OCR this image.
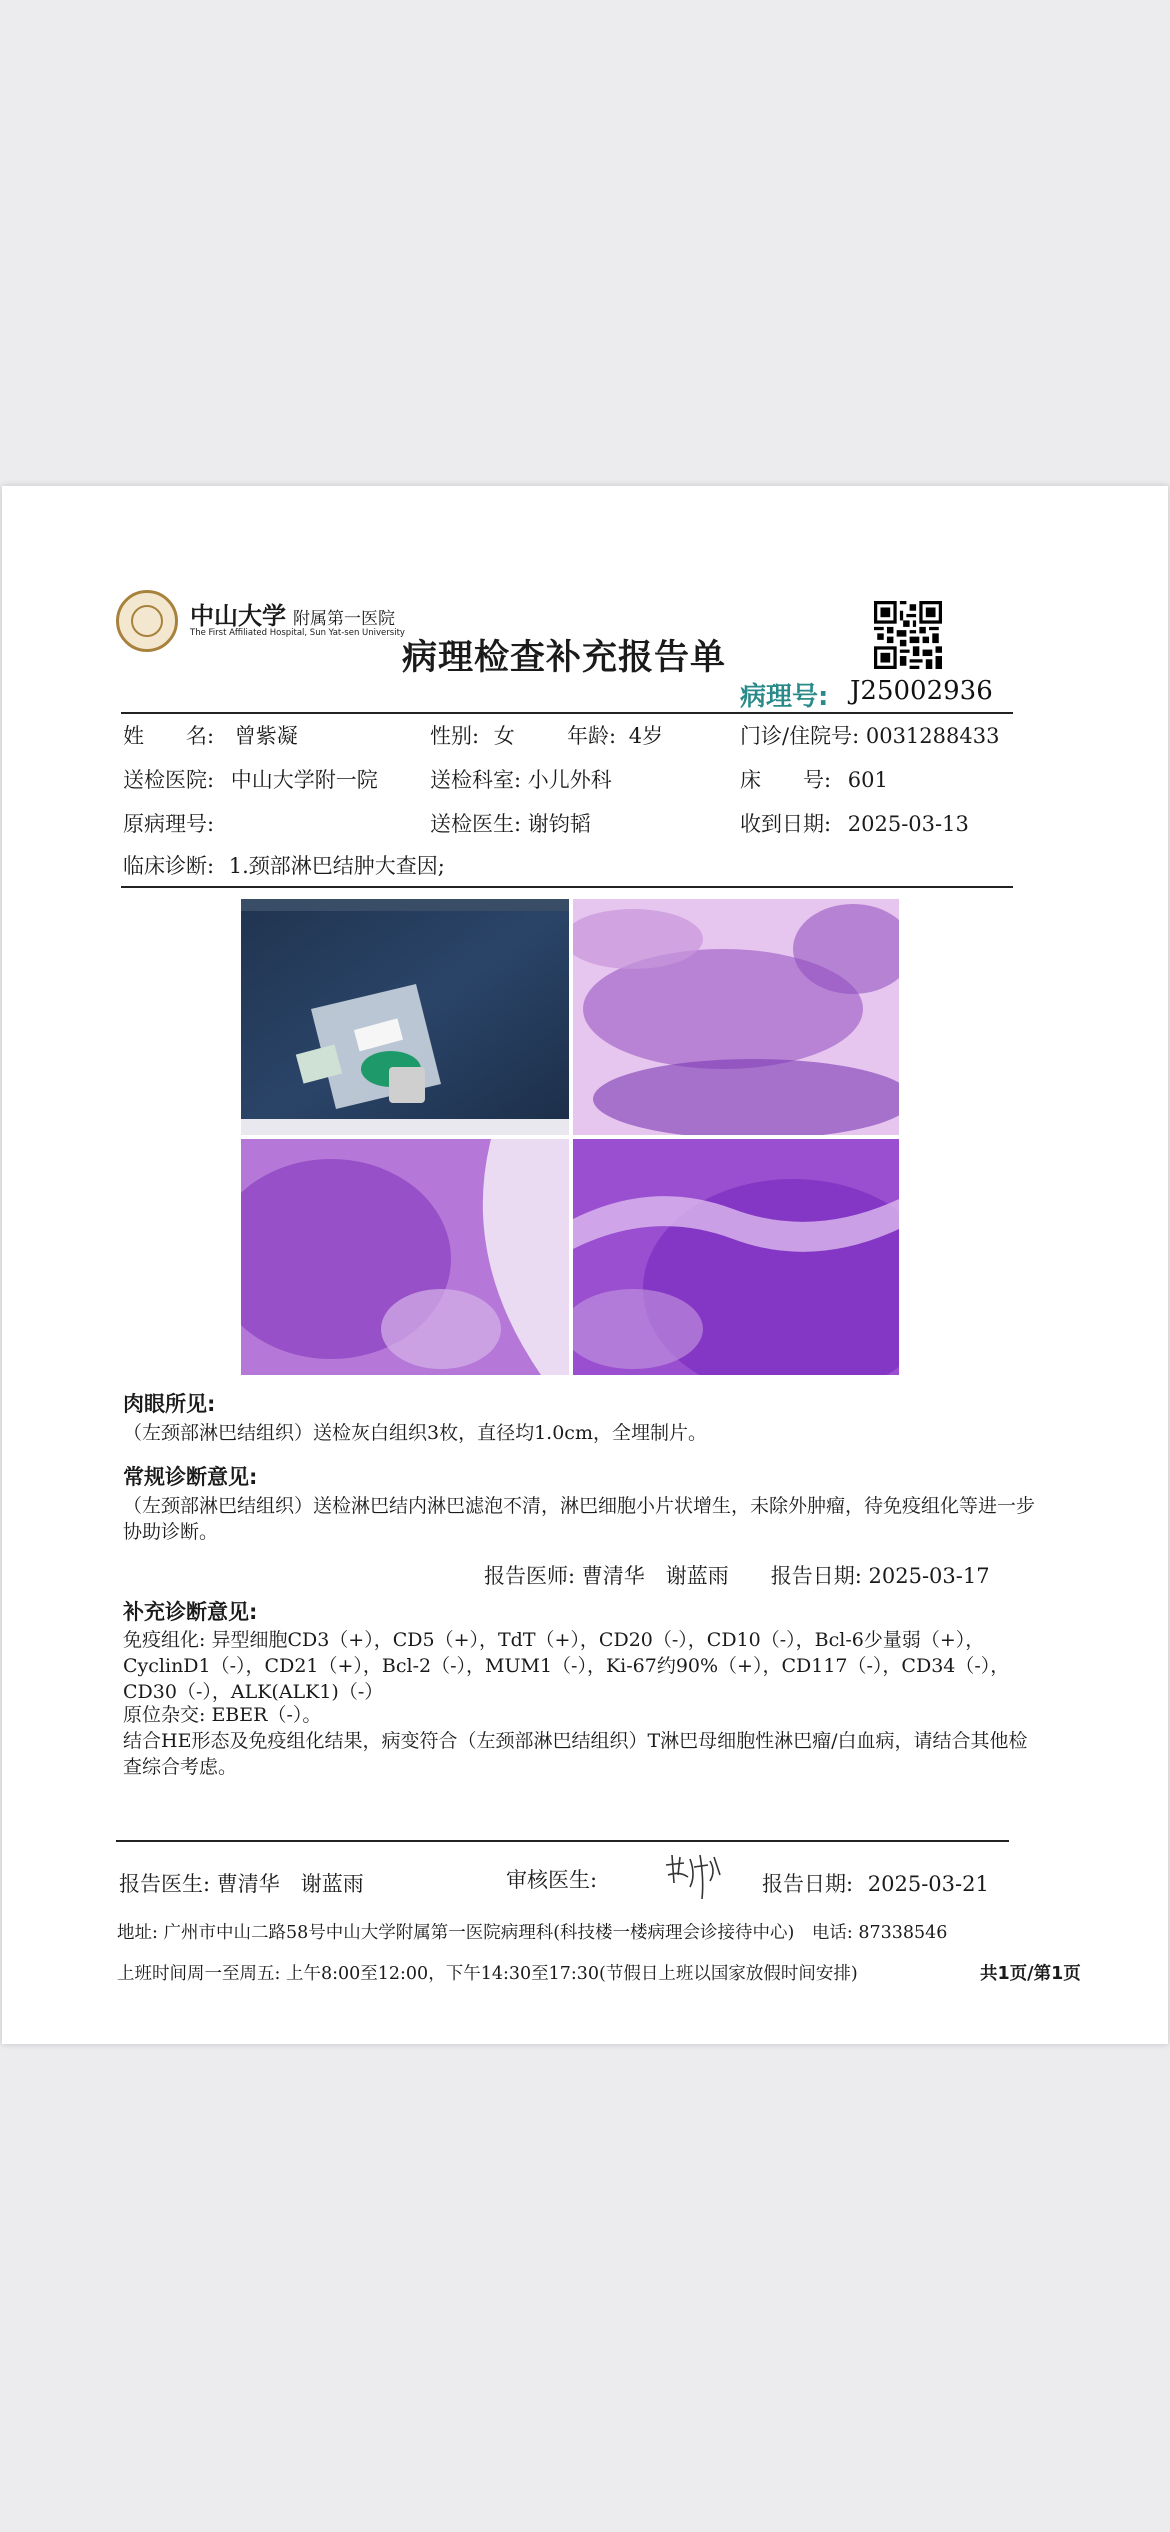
中山大学 附属第一医院
The First Affiliated Hospital, Sun Yat-sen University
病理检查补充报告单
病理号: J25002936
姓　　名: 曾紫凝	性别: 女 年龄: 4岁	门诊/住院号: 0031288433
送检医院: 中山大学附一院 送检科室: 小儿外科	床　　号: 601
原病理号:	送检医生: 谢钧韬	收到日期: 2025-03-13
临床诊断: 1.颈部淋巴结肿大查因;
肉眼所见:
（左颈部淋巴结组织）送检灰白组织3枚，直径均1.0cm，全埋制片。
常规诊断意见:
（左颈部淋巴结组织）送检淋巴结内淋巴滤泡不清，淋巴细胞小片状增生，未除外肿瘤，待免疫组化等进一步协助诊断。
报告医师: 曹清华　谢蓝雨　　报告日期: 2025-03-17
补充诊断意见:
免疫组化: 异型细胞CD3（+），CD5（+），TdT（+），CD20（-），CD10（-），Bcl-6少量弱（+），CyclinD1（-），CD21（+），Bcl-2（-），MUM1（-），Ki-67约90%（+），CD117（-），CD34（-），CD30（-），ALK(ALK1)（-）
原位杂交: EBER（-）。
结合HE形态及免疫组化结果，病变符合（左颈部淋巴结组织）T淋巴母细胞性淋巴瘤/白血病，请结合其他检查综合考虑。
报告医生: 曹清华　谢蓝雨	审核医生:	报告日期: 2025-03-21
地址: 广州市中山二路58号中山大学附属第一医院病理科(科技楼一楼病理会诊接待中心)　电话: 87338546
上班时间周一至周五: 上午8:00至12:00，下午14:30至17:30(节假日上班以国家放假时间安排)	共1页/第1页
